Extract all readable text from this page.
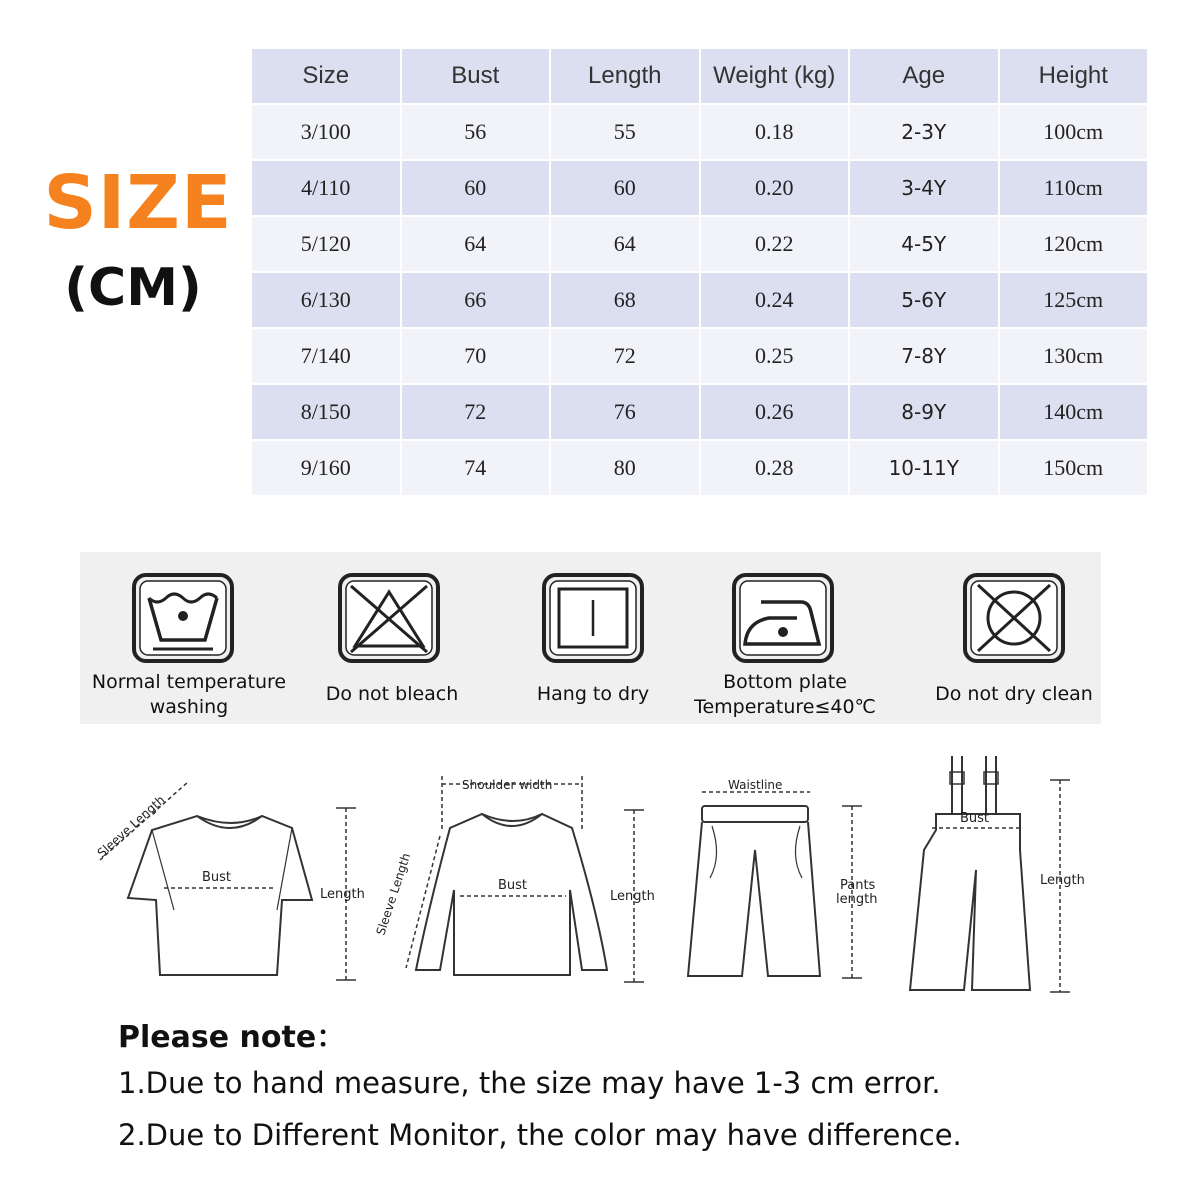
SIZE
(CM)
Size	Bust	Length	Weight (kg)	Age	Height
3/100	56	55	0.18	2-3Y	100cm
4/110	60	60	0.20	3-4Y	110cm
5/120	64	64	0.22	4-5Y	120cm
6/130	66	68	0.24	5-6Y	125cm
7/140	70	72	0.25	7-8Y	130cm
8/150	72	76	0.26	8-9Y	140cm
9/160	74	80	0.28	10-11Y	150cm
Normal temperature
washing
Do not bleach	Hang to dry
Bottom plate
Temperature≤40℃
Do not dry clean
Sleeve Length
Bust
Length
Shoulder width
Sleeve Length	Bust
Length
Waistline
Pants
length
Bust
Length
Please note：
1.Due to hand measure, the size may have 1-3 cm error.
2.Due to Different Monitor, the color may have difference.
